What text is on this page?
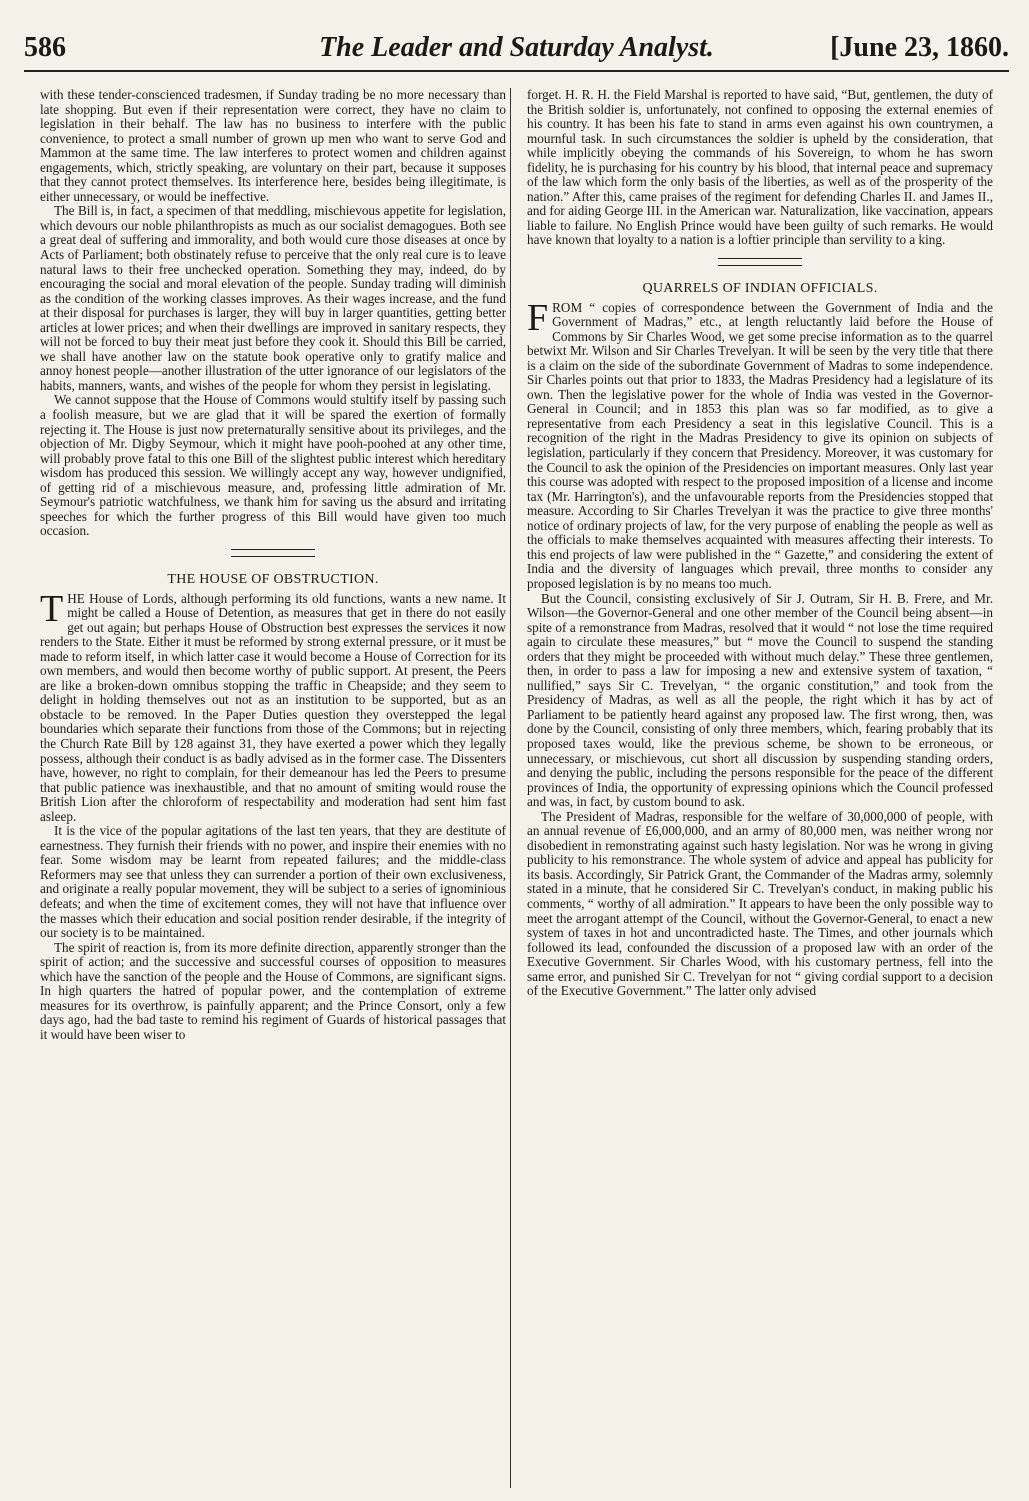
586	The Leader and Saturday Analyst.	[June 23, 1860.

with these tender-conscienced tradesmen, if Sunday trading be no more necessary than late shopping. But even if their representation were correct, they have no claim to legislation in their behalf. The law has no business to interfere with the public convenience, to protect a small number of grown up men who want to serve God and Mammon at the same time. The law interferes to protect women and children against engagements, which, strictly speaking, are voluntary on their part, because it supposes that they cannot protect themselves. Its interference here, besides being illegitimate, is either unnecessary, or would be ineffective.

The Bill is, in fact, a specimen of that meddling, mischievous appetite for legislation, which devours our noble philanthropists as much as our socialist demagogues. Both see a great deal of suffering and immorality, and both would cure those diseases at once by Acts of Parliament; both obstinately refuse to perceive that the only real cure is to leave natural laws to their free unchecked operation. Something they may, indeed, do by encouraging the social and moral elevation of the people. Sunday trading will diminish as the condition of the working classes improves. As their wages increase, and the fund at their disposal for purchases is larger, they will buy in larger quantities, getting better articles at lower prices; and when their dwellings are improved in sanitary respects, they will not be forced to buy their meat just before they cook it. Should this Bill be carried, we shall have another law on the statute book operative only to gratify malice and annoy honest people—another illustration of the utter ignorance of our legislators of the habits, manners, wants, and wishes of the people for whom they persist in legislating.

We cannot suppose that the House of Commons would stultify itself by passing such a foolish measure, but we are glad that it will be spared the exertion of formally rejecting it. The House is just now preternaturally sensitive about its privileges, and the objection of Mr. Digby Seymour, which it might have pooh-poohed at any other time, will probably prove fatal to this one Bill of the slightest public interest which hereditary wisdom has produced this session. We willingly accept any way, however undignified, of getting rid of a mischievous measure, and, professing little admiration of Mr. Seymour's patriotic watchfulness, we thank him for saving us the absurd and irritating speeches for which the further progress of this Bill would have given too much occasion.

THE HOUSE OF OBSTRUCTION.

THE House of Lords, although performing its old functions, wants a new name. It might be called a House of Detention, as measures that get in there do not easily get out again; but perhaps House of Obstruction best expresses the services it now renders to the State. Either it must be reformed by strong external pressure, or it must be made to reform itself, in which latter case it would become a House of Correction for its own members, and would then become worthy of public support. At present, the Peers are like a broken-down omnibus stopping the traffic in Cheapside; and they seem to delight in holding themselves out not as an institution to be supported, but as an obstacle to be removed. In the Paper Duties question they overstepped the legal boundaries which separate their functions from those of the Commons; but in rejecting the Church Rate Bill by 128 against 31, they have exerted a power which they legally possess, although their conduct is as badly advised as in the former case. The Dissenters have, however, no right to complain, for their demeanour has led the Peers to presume that public patience was inexhaustible, and that no amount of smiting would rouse the British Lion after the chloroform of respectability and moderation had sent him fast asleep.

It is the vice of the popular agitations of the last ten years, that they are destitute of earnestness. They furnish their friends with no power, and inspire their enemies with no fear. Some wisdom may be learnt from repeated failures; and the middle-class Reformers may see that unless they can surrender a portion of their own exclusiveness, and originate a really popular movement, they will be subject to a series of ignominious defeats; and when the time of excitement comes, they will not have that influence over the masses which their education and social position render desirable, if the integrity of our society is to be maintained.

The spirit of reaction is, from its more definite direction, apparently stronger than the spirit of action; and the successive and successful courses of opposition to measures which have the sanction of the people and the House of Commons, are significant signs. In high quarters the hatred of popular power, and the contemplation of extreme measures for its overthrow, is painfully apparent; and the Prince Consort, only a few days ago, had the bad taste to remind his regiment of Guards of historical passages that it would have been wiser to

forget. H. R. H. the Field Marshal is reported to have said, “But, gentlemen, the duty of the British soldier is, unfortunately, not confined to opposing the external enemies of his country. It has been his fate to stand in arms even against his own countrymen, a mournful task. In such circumstances the soldier is upheld by the consideration, that while implicitly obeying the commands of his Sovereign, to whom he has sworn fidelity, he is purchasing for his country by his blood, that internal peace and supremacy of the law which form the only basis of the liberties, as well as of the prosperity of the nation.” After this, came praises of the regiment for defending Charles II. and James II., and for aiding George III. in the American war. Naturalization, like vaccination, appears liable to failure. No English Prince would have been guilty of such remarks. He would have known that loyalty to a nation is a loftier principle than servility to a king.

QUARRELS OF INDIAN OFFICIALS.

FROM “ copies of correspondence between the Government of India and the Government of Madras,” etc., at length reluctantly laid before the House of Commons by Sir Charles Wood, we get some precise information as to the quarrel betwixt Mr. Wilson and Sir Charles Trevelyan. It will be seen by the very title that there is a claim on the side of the subordinate Government of Madras to some independence. Sir Charles points out that prior to 1833, the Madras Presidency had a legislature of its own. Then the legislative power for the whole of India was vested in the Governor-General in Council; and in 1853 this plan was so far modified, as to give a representative from each Presidency a seat in this legislative Council. This is a recognition of the right in the Madras Presidency to give its opinion on subjects of legislation, particularly if they concern that Presidency. Moreover, it was customary for the Council to ask the opinion of the Presidencies on important measures. Only last year this course was adopted with respect to the proposed imposition of a license and income tax (Mr. Harrington's), and the unfavourable reports from the Presidencies stopped that measure. According to Sir Charles Trevelyan it was the practice to give three months' notice of ordinary projects of law, for the very purpose of enabling the people as well as the officials to make themselves acquainted with measures affecting their interests. To this end projects of law were published in the “ Gazette,” and considering the extent of India and the diversity of languages which prevail, three months to consider any proposed legislation is by no means too much.

But the Council, consisting exclusively of Sir J. Outram, Sir H. B. Frere, and Mr. Wilson—the Governor-General and one other member of the Council being absent—in spite of a remonstrance from Madras, resolved that it would “ not lose the time required again to circulate these measures,” but “ move the Council to suspend the standing orders that they might be proceeded with without much delay.” These three gentlemen, then, in order to pass a law for imposing a new and extensive system of taxation, “ nullified,” says Sir C. Trevelyan, “ the organic constitution,” and took from the Presidency of Madras, as well as all the people, the right which it has by act of Parliament to be patiently heard against any proposed law. The first wrong, then, was done by the Council, consisting of only three members, which, fearing probably that its proposed taxes would, like the previous scheme, be shown to be erroneous, or unnecessary, or mischievous, cut short all discussion by suspending standing orders, and denying the public, including the persons responsible for the peace of the different provinces of India, the opportunity of expressing opinions which the Council professed and was, in fact, by custom bound to ask.

The President of Madras, responsible for the welfare of 30,000,000 of people, with an annual revenue of £6,000,000, and an army of 80,000 men, was neither wrong nor disobedient in remonstrating against such hasty legislation. Nor was he wrong in giving publicity to his remonstrance. The whole system of advice and appeal has publicity for its basis. Accordingly, Sir Patrick Grant, the Commander of the Madras army, solemnly stated in a minute, that he considered Sir C. Trevelyan's conduct, in making public his comments, “ worthy of all admiration.” It appears to have been the only possible way to meet the arrogant attempt of the Council, without the Governor-General, to enact a new system of taxes in hot and uncontradicted haste. The Times, and other journals which followed its lead, confounded the discussion of a proposed law with an order of the Executive Government. Sir Charles Wood, with his customary pertness, fell into the same error, and punished Sir C. Trevelyan for not “ giving cordial support to a decision of the Executive Government.” The latter only advised
